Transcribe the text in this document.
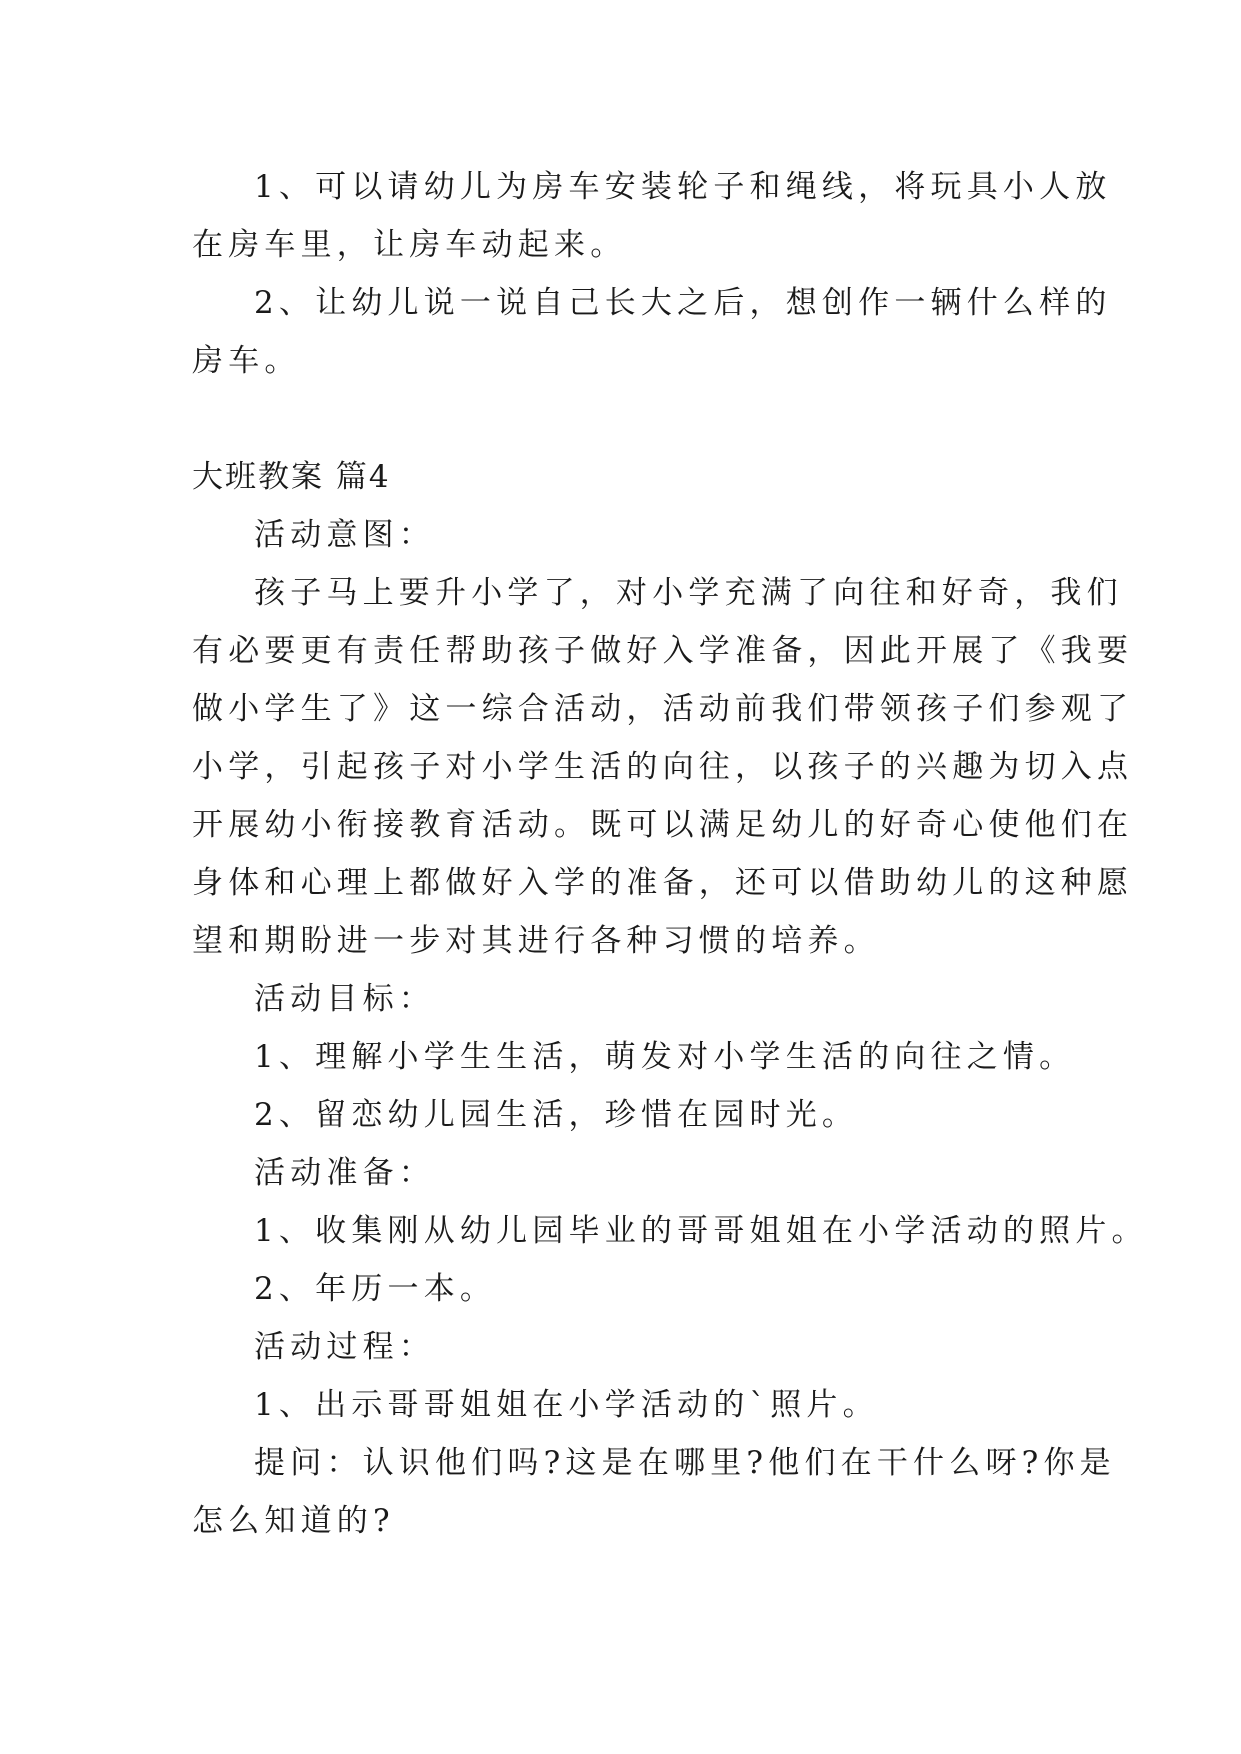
1、可以请幼儿为房车安装轮子和绳线，将玩具小人放

在房车里，让房车动起来。

2、让幼儿说一说自己长大之后，想创作一辆什么样的

房车。

大班教案 篇4

活动意图：

孩子马上要升小学了，对小学充满了向往和好奇，我们

有必要更有责任帮助孩子做好入学准备，因此开展了《我要

做小学生了》这一综合活动，活动前我们带领孩子们参观了

小学，引起孩子对小学生活的向往，以孩子的兴趣为切入点

开展幼小衔接教育活动。既可以满足幼儿的好奇心使他们在

身体和心理上都做好入学的准备，还可以借助幼儿的这种愿

望和期盼进一步对其进行各种习惯的培养。

活动目标：

1、理解小学生生活，萌发对小学生活的向往之情。

2、留恋幼儿园生活，珍惜在园时光。

活动准备：

1、收集刚从幼儿园毕业的哥哥姐姐在小学活动的照片。

2、年历一本。

活动过程：

1、出示哥哥姐姐在小学活动的`照片。

提问：认识他们吗?这是在哪里?他们在干什么呀?你是

怎么知道的?
